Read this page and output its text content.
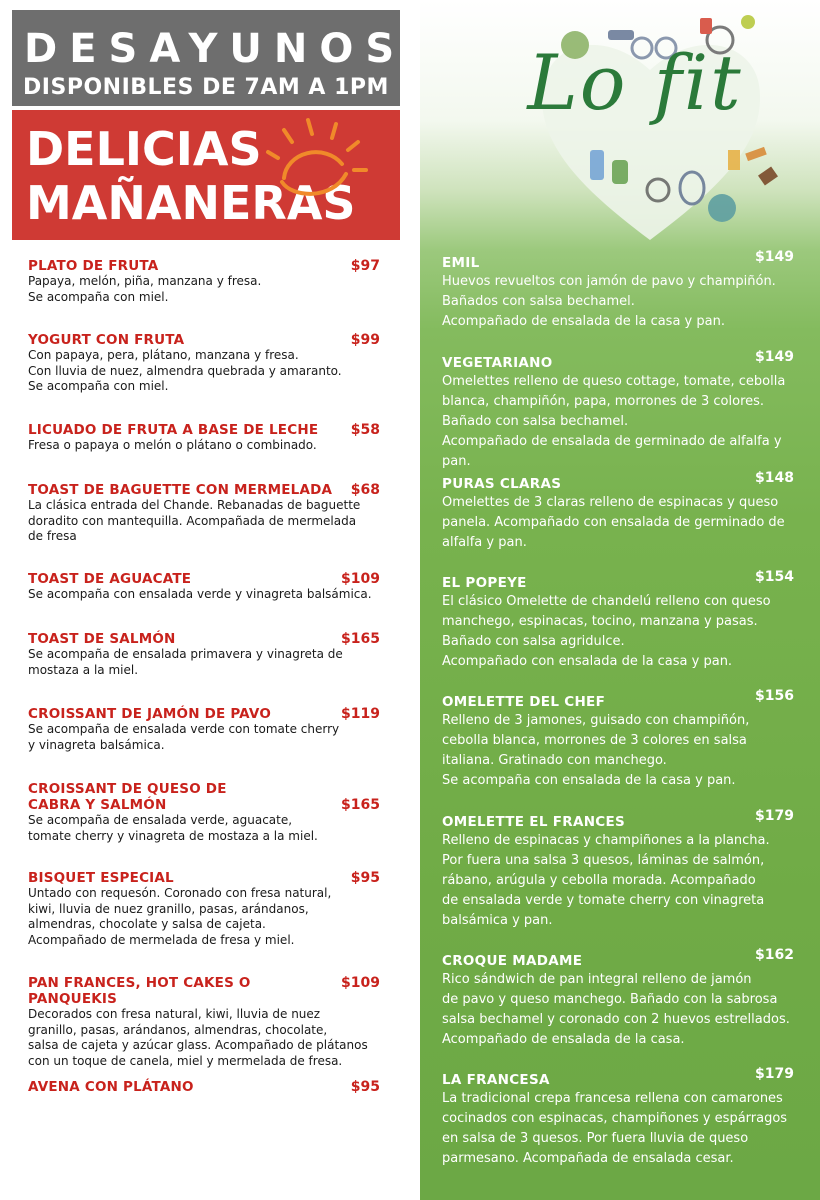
DESAYUNOS
DISPONIBLES DE 7AM A 1PM
DELICIAS
MAÑANERAS
PLATO DE FRUTA	$97
Papaya, melón, piña, manzana y fresa.
Se acompaña con miel.
YOGURT CON FRUTA	$99
Con papaya, pera, plátano, manzana y fresa.
Con lluvia de nuez, almendra quebrada y amaranto.
Se acompaña con miel.
LICUADO DE FRUTA A BASE DE LECHE $58
Fresa o papaya o melón o plátano o combinado.
TOAST DE BAGUETTE CON MERMELADA $68
La clásica entrada del Chande. Rebanadas de baguette
doradito con mantequilla. Acompañada de mermelada
de fresa
TOAST DE AGUACATE	$109
Se acompaña con ensalada verde y vinagreta balsámica.
TOAST DE SALMÓN	$165
Se acompaña de ensalada primavera y vinagreta de
mostaza a la miel.
CROISSANT DE JAMÓN DE PAVO	$119
Se acompaña de ensalada verde con tomate cherry
y vinagreta balsámica.
CROISSANT DE QUESO DE
CABRA Y SALMÓN	$165
Se acompaña de ensalada verde, aguacate,
tomate cherry y vinagreta de mostaza a la miel.
BISQUET ESPECIAL	$95
Untado con requesón. Coronado con fresa natural,
kiwi, lluvia de nuez granillo, pasas, arándanos,
almendras, chocolate y salsa de cajeta.
Acompañado de mermelada de fresa y miel.
PAN FRANCES, HOT CAKES O PANQUEKIS
$109
Decorados con fresa natural, kiwi, lluvia de nuez
granillo, pasas, arándanos, almendras, chocolate,
salsa de cajeta y azúcar glass. Acompañado de plátanos
con un toque de canela, miel y mermelada de fresa.
AVENA CON PLÁTANO	$95
Lo fit
EMIL	$149
Huevos revueltos con jamón de pavo y champiñón.
Bañados con salsa bechamel.
Acompañado de ensalada de la casa y pan.
VEGETARIANO	$149
Omelettes relleno de queso cottage, tomate, cebolla
blanca, champiñón, papa, morrones de 3 colores.
Bañado con salsa bechamel.
Acompañado de ensalada de germinado de alfalfa y pan.
PURAS CLARAS	$148
Omelettes de 3 claras relleno de espinacas y queso
panela. Acompañado con ensalada de germinado de
alfalfa y pan.
EL POPEYE	$154
El clásico Omelette de chandelú relleno con queso
manchego, espinacas, tocino, manzana y pasas.
Bañado con salsa agridulce.
Acompañado con ensalada de la casa y pan.
OMELETTE DEL CHEF	$156
Relleno de 3 jamones, guisado con champiñón,
cebolla blanca, morrones de 3 colores en salsa
italiana. Gratinado con manchego.
Se acompaña con ensalada de la casa y pan.
OMELETTE EL FRANCES	$179
Relleno de espinacas y champiñones a la plancha.
Por fuera una salsa 3 quesos, láminas de salmón,
rábano, arúgula y cebolla morada. Acompañado
de ensalada verde y tomate cherry con vinagreta
balsámica y pan.
CROQUE MADAME	$162
Rico sándwich de pan integral relleno de jamón
de pavo y queso manchego. Bañado con la sabrosa
salsa bechamel y coronado con 2 huevos estrellados.
Acompañado de ensalada de la casa.
LA FRANCESA	$179
La tradicional crepa francesa rellena con camarones
cocinados con espinacas, champiñones y espárragos
en salsa de 3 quesos. Por fuera lluvia de queso
parmesano. Acompañada de ensalada cesar.
